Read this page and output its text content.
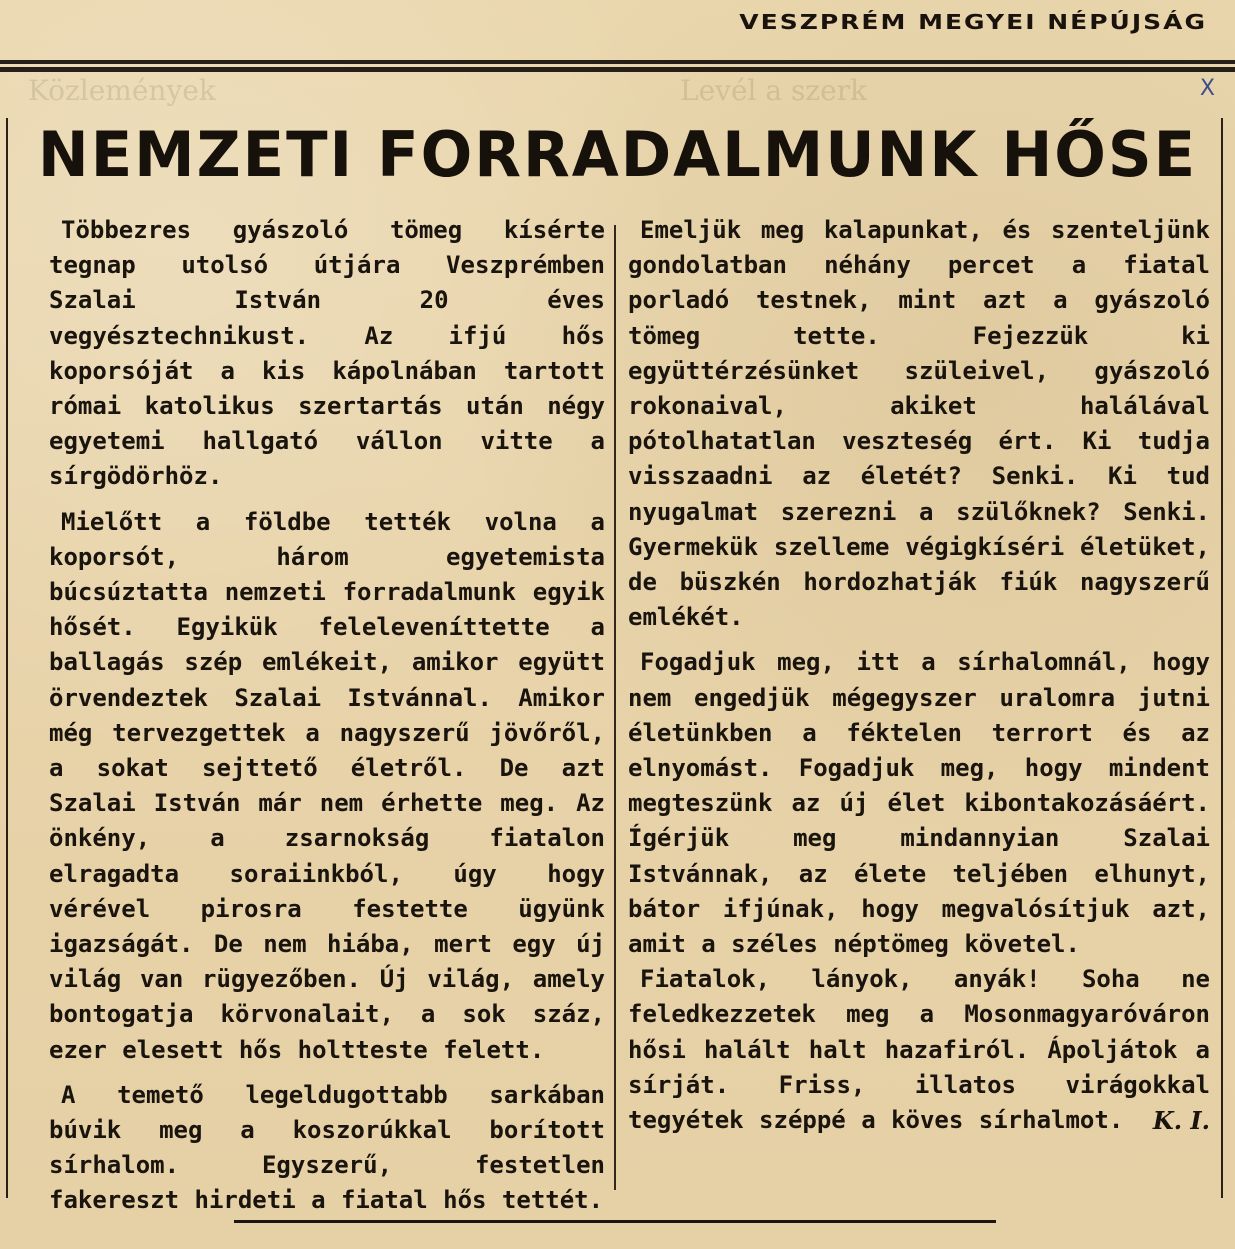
VESZPRÉM MEGYEI NÉPÚJSÁG
Közlemények	Levél a szerk	X
NEMZETI FORRADALMUNK HŐSE

Többezres gyászoló tömeg kísérte tegnap utolsó útjára Veszprémben Szalai István 20 éves vegyésztechnikust. Az ifjú hős koporsóját a kis kápolnában tartott római katolikus szertartás után négy egyetemi hallgató vállon vitte a sírgödörhöz.

Mielőtt a földbe tették volna a koporsót, három egyetemista búcsúztatta nemzeti forradalmunk egyik hősét. Egyikük feleleveníttette a ballagás szép emlékeit, amikor együtt örvendeztek Szalai Istvánnal. Amikor még tervezgettek a nagyszerű jövőről, a sokat sejttető életről. De azt Szalai István már nem érhette meg. Az önkény, a zsarnokság fiatalon elragadta soraiinkból, úgy hogy vérével pirosra festette ügyünk igazságát. De nem hiába, mert egy új világ van rügyezőben. Új világ, amely bontogatja körvonalait, a sok száz, ezer elesett hős holtteste felett.

A temető legeldugottabb sarkában búvik meg a koszorúkkal borított sírhalom. Egyszerű, festetlen fakereszt hirdeti a fiatal hős tettét.

Emeljük meg kalapunkat, és szenteljünk gondolatban néhány percet a fiatal porladó testnek, mint azt a gyászoló tömeg tette. Fejezzük ki együttérzésünket szüleivel, gyászoló rokonaival, akiket halálával pótolhatatlan veszteség ért. Ki tudja visszaadni az életét? Senki. Ki tud nyugalmat szerezni a szülőknek? Senki. Gyermekük szelleme végigkíséri életüket, de büszkén hordozhatják fiúk nagyszerű emlékét.

Fogadjuk meg, itt a sírhalomnál, hogy nem engedjük mégegyszer uralomra jutni életünkben a féktelen terrort és az elnyomást. Fogadjuk meg, hogy mindent megteszünk az új élet kibontakozásáért. Ígérjük meg mindannyian Szalai Istvánnak, az élete teljében elhunyt, bátor ifjúnak, hogy megvalósítjuk azt, amit a széles néptömeg követel.

Fiatalok, lányok, anyák! Soha ne feledkezzetek meg a Mosonmagyaróváron hősi halált halt hazafiról. Ápoljátok a sírját. Friss, illatos virágokkal tegyétek széppé a köves sírhalmot.	K. I.
